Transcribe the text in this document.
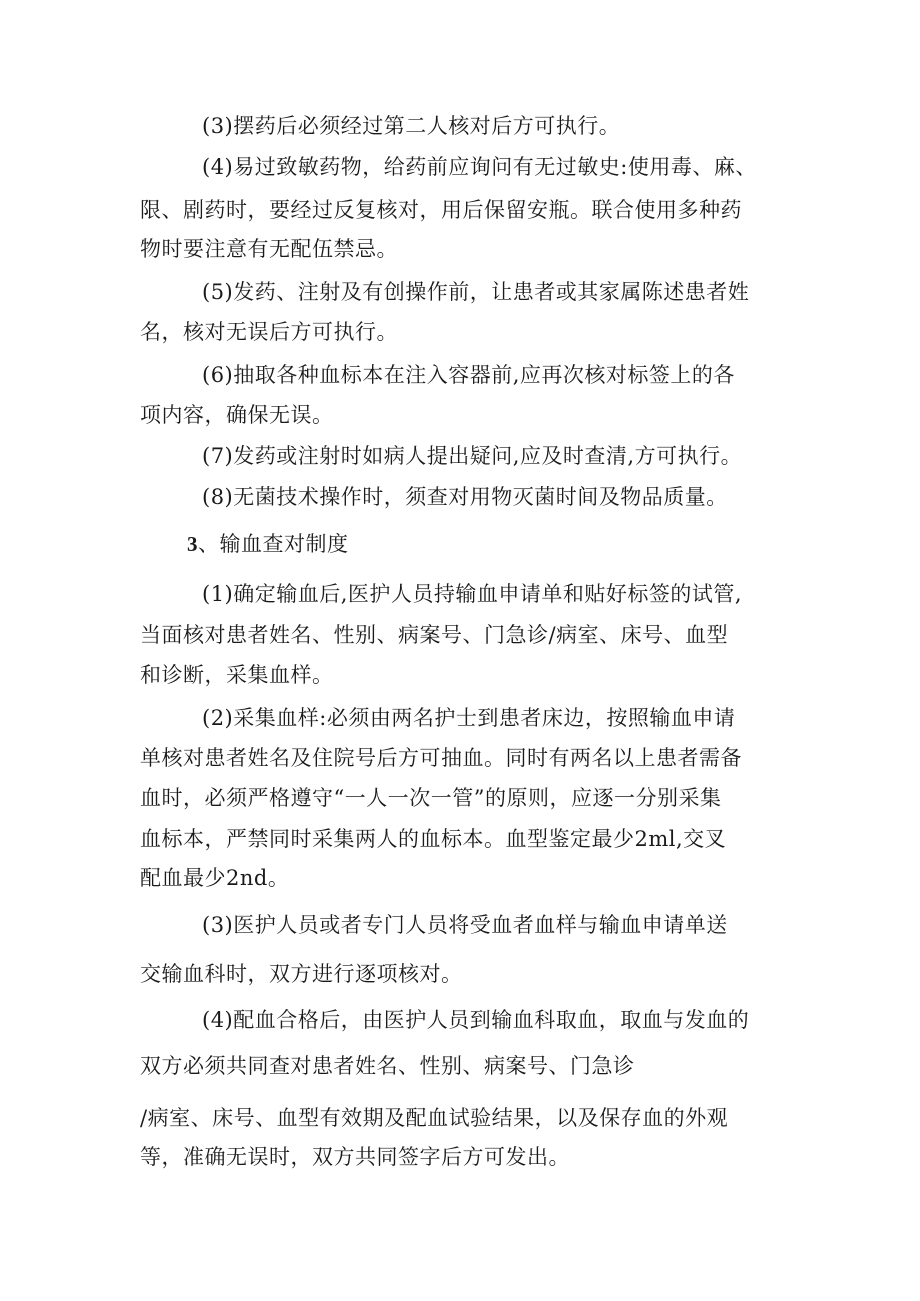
(3)摆药后必须经过第二人核对后方可执行。
(4)易过致敏药物，给药前应询问有无过敏史:使用毒、麻、
限、剧药时，要经过反复核对，用后保留安瓶。联合使用多种药
物时要注意有无配伍禁忌。
(5)发药、注射及有创操作前，让患者或其家属陈述患者姓
名，核对无误后方可执行。
(6)抽取各种血标本在注入容器前,应再次核对标签上的各
项内容，确保无误。
(7)发药或注射时如病人提出疑问,应及时查清,方可执行。
(8)无菌技术操作时，须查对用物灭菌时间及物品质量。
3、输血查对制度
(1)确定输血后,医护人员持输血申请单和贴好标签的试管,
当面核对患者姓名、性别、病案号、门急诊/病室、床号、血型
和诊断，采集血样。
(2)采集血样:必须由两名护士到患者床边，按照输血申请
单核对患者姓名及住院号后方可抽血。同时有两名以上患者需备
血时，必须严格遵守“一人一次一管”的原则，应逐一分别采集
血标本，严禁同时采集两人的血标本。血型鉴定最少2ml,交叉
配血最少2nd。
(3)医护人员或者专门人员将受血者血样与输血申请单送
交输血科时，双方进行逐项核对。
(4)配血合格后，由医护人员到输血科取血，取血与发血的
双方必须共同查对患者姓名、性别、病案号、门急诊
/病室、床号、血型有效期及配血试验结果，以及保存血的外观
等，准确无误时，双方共同签字后方可发出。
